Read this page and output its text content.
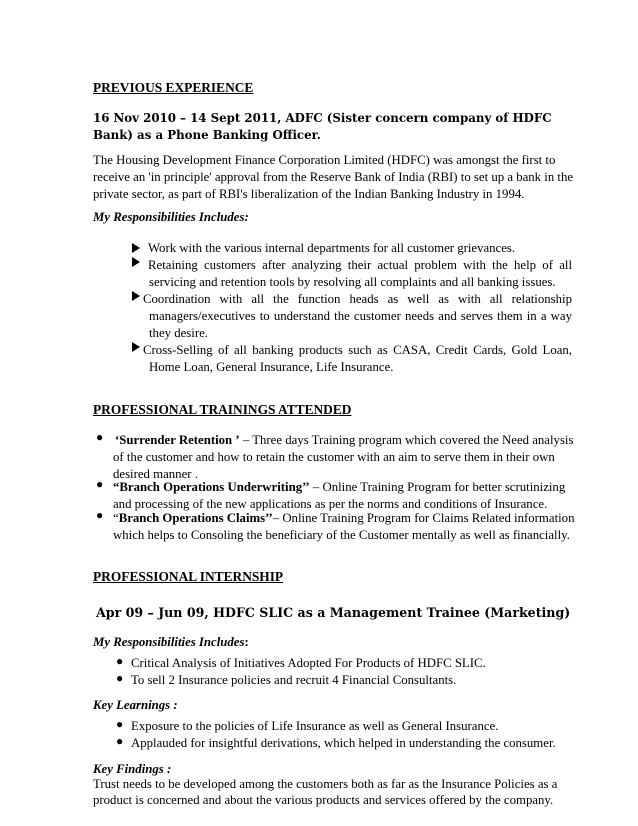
PREVIOUS EXPERIENCE
16 Nov 2010 – 14 Sept 2011, ADFC (Sister concern company of HDFC
Bank) as a Phone Banking Officer.
The Housing Development Finance Corporation Limited (HDFC) was amongst the first to
receive an 'in principle' approval from the Reserve Bank of India (RBI) to set up a bank in the
private sector, as part of RBI's liberalization of the Indian Banking Industry in 1994.
My Responsibilities Includes:
Work with the various internal departments for all customer grievances.
Retaining customers after analyzing their actual problem with the help of all
servicing and retention tools by resolving all complaints and all banking issues.
Coordination with all the function heads as well as with all relationship
managers/executives to understand the customer needs and serves them in a way
they desire.
Cross-Selling of all banking products such as CASA, Credit Cards, Gold Loan,
Home Loan, General Insurance, Life Insurance.
PROFESSIONAL TRAININGS ATTENDED
● ‘Surrender Retention ’ – Three days Training program which covered the Need analysis
of the customer and how to retain the customer with an aim to serve them in their own
desired manner .
● “Branch Operations Underwriting’’ – Online Training Program for better scrutinizing
and processing of the new applications as per the norms and conditions of Insurance.
● “Branch Operations Claims’’– Online Training Program for Claims Related information
which helps to Consoling the beneficiary of the Customer mentally as well as financially.
PROFESSIONAL INTERNSHIP
Apr 09 – Jun 09, HDFC SLIC as a Management Trainee (Marketing)
My Responsibilities Includes:
● Critical Analysis of Initiatives Adopted For Products of HDFC SLIC.
● To sell 2 Insurance policies and recruit 4 Financial Consultants.
Key Learnings :
● Exposure to the policies of Life Insurance as well as General Insurance.
● Applauded for insightful derivations, which helped in understanding the consumer.
Key Findings :
Trust needs to be developed among the customers both as far as the Insurance Policies as a
product is concerned and about the various products and services offered by the company.
